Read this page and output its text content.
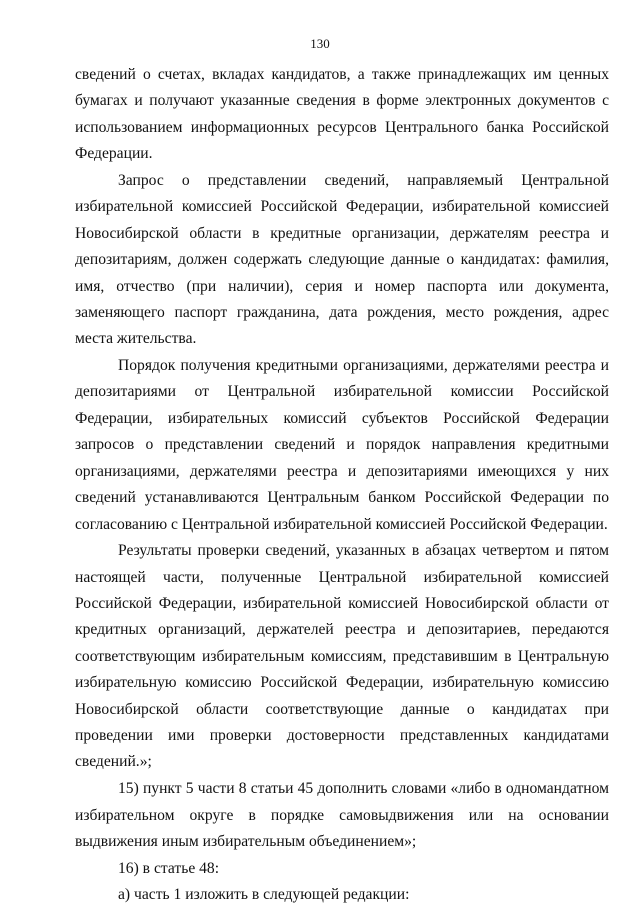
130

сведений о счетах, вкладах кандидатов, а также принадлежащих им ценных бумагах и получают указанные сведения в форме электронных документов с использованием информационных ресурсов Центрального банка Российской Федерации.

Запрос о представлении сведений, направляемый Центральной избирательной комиссией Российской Федерации, избирательной комиссией Новосибирской области в кредитные организации, держателям реестра и депозитариям, должен содержать следующие данные о кандидатах: фамилия, имя, отчество (при наличии), серия и номер паспорта или документа, заменяющего паспорт гражданина, дата рождения, место рождения, адрес места жительства.

Порядок получения кредитными организациями, держателями реестра и депозитариями от Центральной избирательной комиссии Российской Федерации, избирательных комиссий субъектов Российской Федерации запросов о представлении сведений и порядок направления кредитными организациями, держателями реестра и депозитариями имеющихся у них сведений устанавливаются Центральным банком Российской Федерации по согласованию с Центральной избирательной комиссией Российской Федерации.

Результаты проверки сведений, указанных в абзацах четвертом и пятом настоящей части, полученные Центральной избирательной комиссией Российской Федерации, избирательной комиссией Новосибирской области от кредитных организаций, держателей реестра и депозитариев, передаются соответствующим избирательным комиссиям, представившим в Центральную избирательную комиссию Российской Федерации, избирательную комиссию Новосибирской области соответствующие данные о кандидатах при проведении ими проверки достоверности представленных кандидатами сведений.»;

15) пункт 5 части 8 статьи 45 дополнить словами «либо в одномандатном избирательном округе в порядке самовыдвижения или на основании выдвижения иным избирательным объединением»;

16) в статье 48:

а) часть 1 изложить в следующей редакции:
